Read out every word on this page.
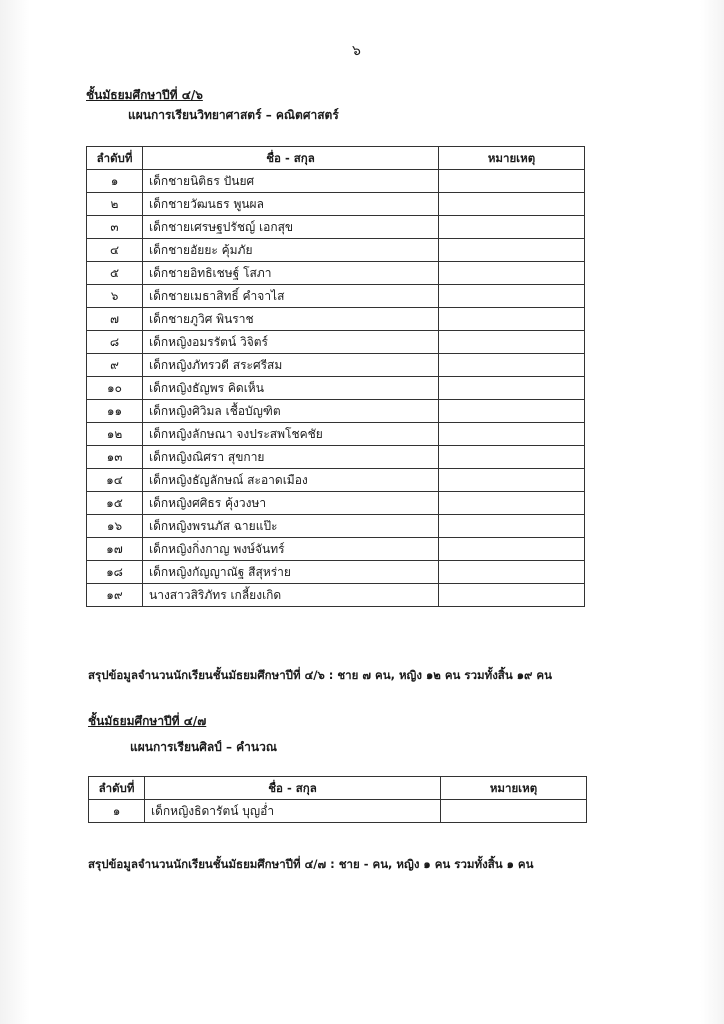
๖
ชั้นมัธยมศึกษาปีที่ ๔/๖
แผนการเรียนวิทยาศาสตร์ – คณิตศาสตร์
ลำดับที่	ชื่อ - สกุล	หมายเหตุ
๑	เด็กชายนิติธร ปันยศ	
๒	เด็กชายวัฒนธร พูนผล	
๓	เด็กชายเศรษฐปรัชญ์ เอกสุข	
๔	เด็กชายอัยยะ คุ้มภัย	
๕	เด็กชายอิทธิเชษฐ์ โสภา	
๖	เด็กชายเมธาสิทธิ์ คำจาไส	
๗	เด็กชายภูวิศ พินราช	
๘	เด็กหญิงอมรรัตน์ วิจิตร์	
๙	เด็กหญิงภัทรวดี สระศรีสม	
๑๐	เด็กหญิงธัญพร คิดเห็น	
๑๑	เด็กหญิงศิวิมล เชื้อบัญฑิต	
๑๒	เด็กหญิงลักษณา จงประสพโชคชัย	
๑๓	เด็กหญิงณิศรา สุขกาย	
๑๔	เด็กหญิงธัญลักษณ์ สะอาดเมือง	
๑๕	เด็กหญิงศศิธร คุ้งวงษา	
๑๖	เด็กหญิงพรนภัส ฉายแป๊ะ	
๑๗	เด็กหญิงกิ่งกาญ พงษ์จันทร์	
๑๘	เด็กหญิงกัญญาณัฐ สีสุหร่าย	
๑๙	นางสาวสิริภัทร เกลี้ยงเกิด	
สรุปข้อมูลจำนวนนักเรียนชั้นมัธยมศึกษาปีที่ ๔/๖ : ชาย ๗ คน, หญิง ๑๒ คน รวมทั้งสิ้น ๑๙ คน
ชั้นมัธยมศึกษาปีที่ ๔/๗
แผนการเรียนศิลป์ – คำนวณ
ลำดับที่	ชื่อ - สกุล	หมายเหตุ
๑	เด็กหญิงธิดารัตน์ บุญอ่ำ	
สรุปข้อมูลจำนวนนักเรียนชั้นมัธยมศึกษาปีที่ ๔/๗ : ชาย - คน, หญิง ๑ คน รวมทั้งสิ้น ๑ คน
